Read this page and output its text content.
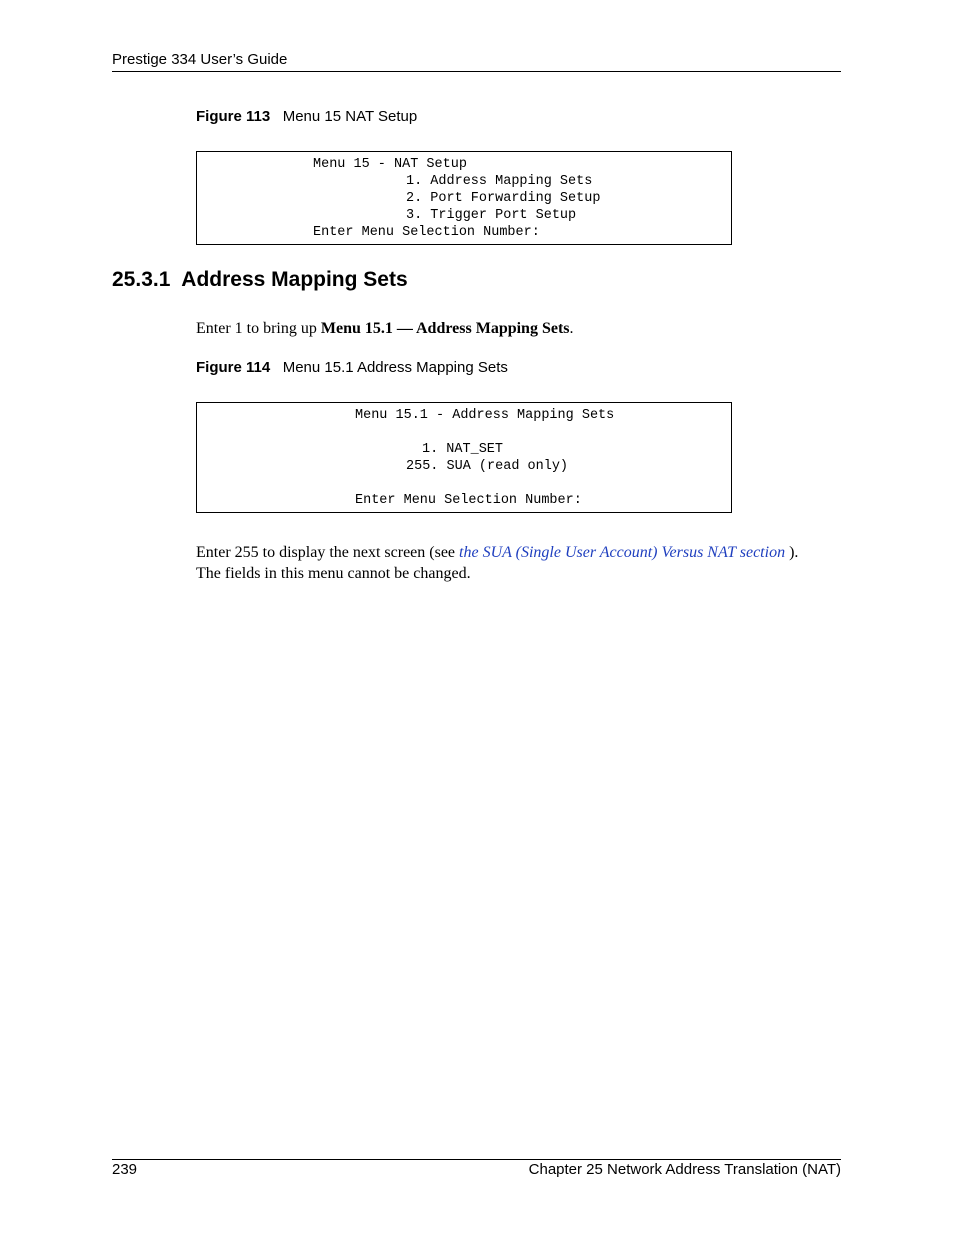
Prestige 334 User’s Guide
Figure 113 Menu 15 NAT Setup
Menu 15 - NAT Setup
1. Address Mapping Sets
2. Port Forwarding Setup
3. Trigger Port Setup
Enter Menu Selection Number:
25.3.1  Address Mapping Sets
Enter 1 to bring up Menu 15.1 — Address Mapping Sets.
Figure 114 Menu 15.1 Address Mapping Sets
Menu 15.1 - Address Mapping Sets
1. NAT_SET
255. SUA (read only)
Enter Menu Selection Number:
Enter 255 to display the next screen (see the SUA (Single User Account) Versus NAT section ).
The fields in this menu cannot be changed.
239	Chapter 25 Network Address Translation (NAT)
